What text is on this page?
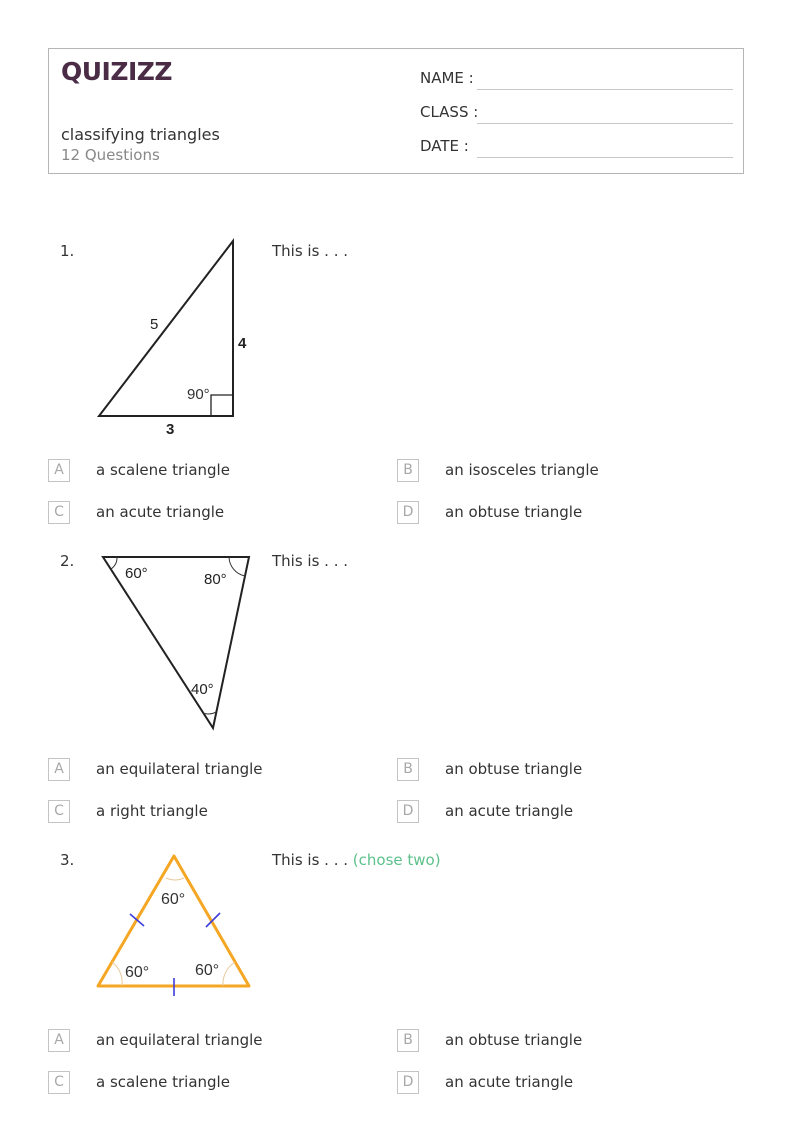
QUIZIZZ
classifying triangles
12 Questions
NAME :
CLASS :
DATE :
1.	This is . . .
5
4
3
90°
A	a scalene triangle	B	an isosceles triangle
C	an acute triangle	D	an obtuse triangle
2.	This is . . .
60°	80°
40°
A	an equilateral triangle	B	an obtuse triangle
C	a right triangle	D	an acute triangle
3.	This is . . . (chose two)
60°
60°	60°
A	an equilateral triangle	B	an obtuse triangle
C	a scalene triangle	D	an acute triangle
